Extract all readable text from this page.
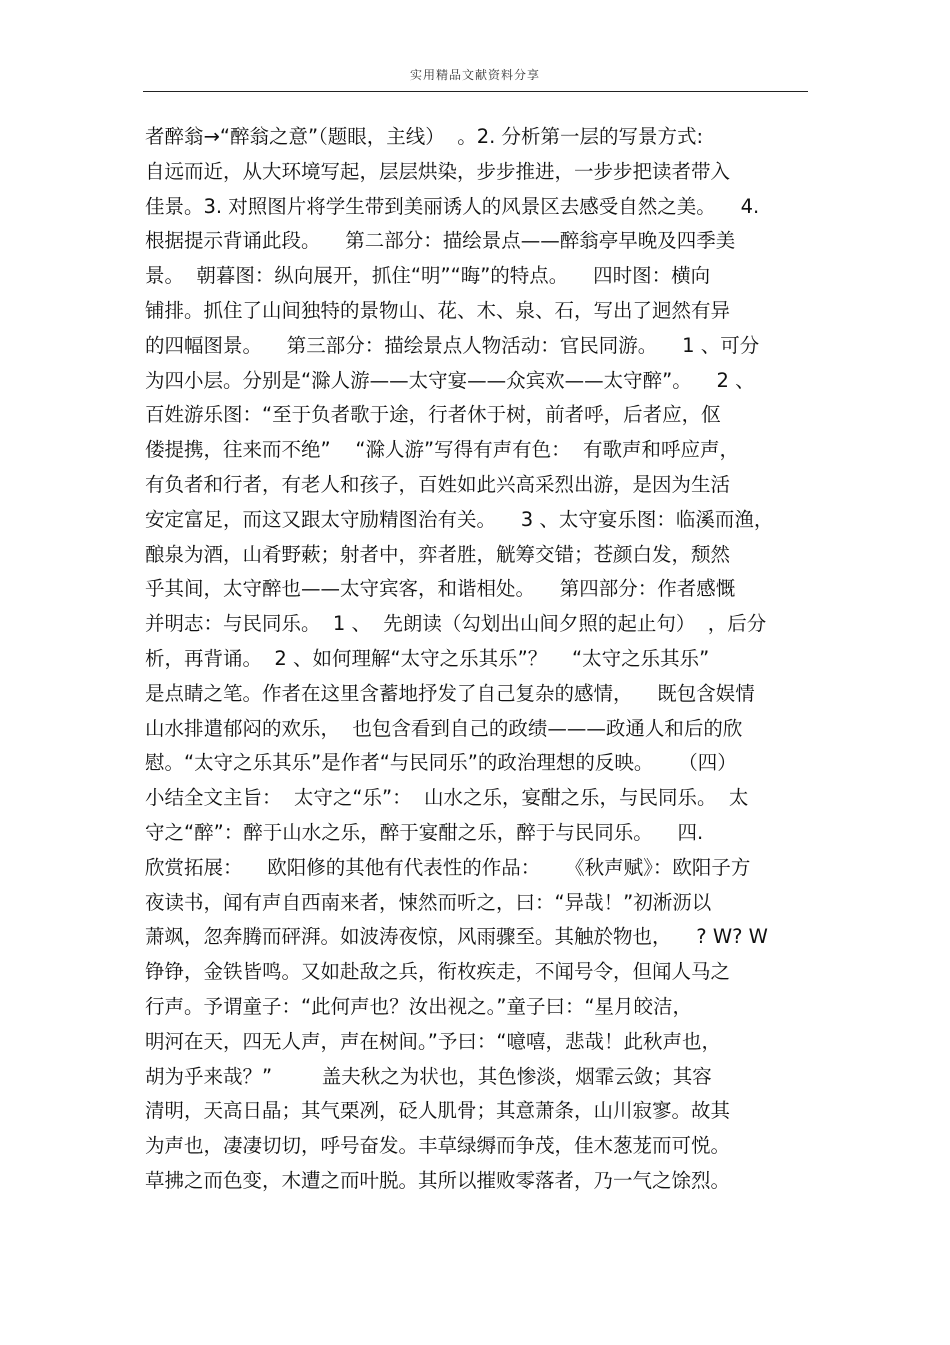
实用精品文献资料分享
者醉翁→“醉翁之意”（题眼，主线）  。2. 分析第一层的写景方式:
自远而近，从大环境写起，层层烘染，步步推进，一步步把读者带入
佳景。3. 对照图片将学生带到美丽诱人的风景区去感受自然之美。    4.
根据提示背诵此段。    第二部分：描绘景点——醉翁亭早晚及四季美
景。  朝暮图：纵向展开，抓住“明”“晦”的特点。    四时图：横向
铺排。抓住了山间独特的景物山、花、木、泉、石，写出了迥然有异
的四幅图景。    第三部分：描绘景点人物活动：官民同游。    1 、可分
为四小层。分别是“滁人游——太守宴——众宾欢——太守醉”。    2 、
百姓游乐图：“至于负者歌于途，行者休于树，前者呼，后者应，伛
偻提携，往来而不绝”    “滁人游”写得有声有色：  有歌声和呼应声，
有负者和行者，有老人和孩子，百姓如此兴高采烈出游，是因为生活
安定富足，而这又跟太守励精图治有关。    3 、太守宴乐图：临溪而渔，
酿泉为酒，山肴野蔌；射者中，弈者胜，觥筹交错；苍颜白发，颓然
乎其间，太守醉也——太守宾客，和谐相处。    第四部分：作者感慨
并明志：与民同乐。  1 、  先朗读（勾划出山间夕照的起止句）  ，后分
析，再背诵。  2 、如何理解“太守之乐其乐”？    “太守之乐其乐”
是点睛之笔。作者在这里含蓄地抒发了自己复杂的感情，    既包含娱情
山水排遣郁闷的欢乐，  也包含看到自己的政绩———政通人和后的欣
慰。“太守之乐其乐”是作者“与民同乐”的政治理想的反映。    （四）
小结全文主旨：  太守之“乐”：  山水之乐，宴酣之乐，与民同乐。  太
守之“醉”：醉于山水之乐，醉于宴酣之乐，醉于与民同乐。    四.
欣赏拓展：    欧阳修的其他有代表性的作品：    《秋声赋》：欧阳子方
夜读书，闻有声自西南来者，悚然而听之，曰：“异哉！”初淅沥以
萧飒，忽奔腾而砰湃。如波涛夜惊，风雨骤至。其触於物也，    ? W? W
铮铮，金铁皆鸣。又如赴敌之兵，衔枚疾走，不闻号令，但闻人马之
行声。予谓童子：“此何声也？汝出视之。”童子曰：“星月皎洁，
明河在天，四无人声，声在树间。”予曰：“噫嘻，悲哉！此秋声也，
胡为乎来哉？”        盖夫秋之为状也，其色惨淡，烟霏云敛；其容
清明，天高日晶；其气栗冽，砭人肌骨；其意萧条，山川寂寥。故其
为声也，凄凄切切，呼号奋发。丰草绿缛而争茂，佳木葱茏而可悦。
草拂之而色变，木遭之而叶脱。其所以摧败零落者，乃一气之馀烈。
